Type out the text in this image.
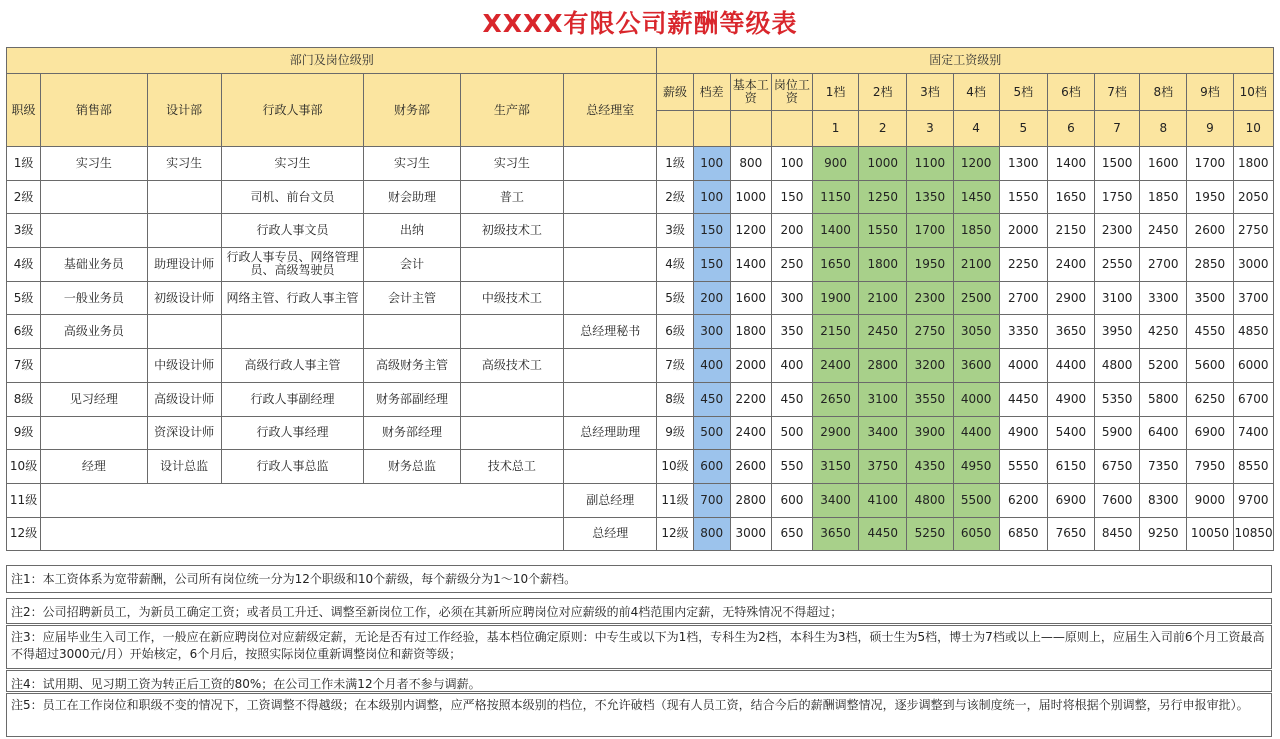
XXXX有限公司薪酬等级表
部门及岗位级别							固定工资级别													
职级	销售部	设计部	行政人事部	财务部	生产部	总经理室	薪级	档差	基本工资	岗位工资	1档	2档	3档	4档	5档	6档	7档	8档	9档	10档
											1	2	3	4	5	6	7	8	9	10
1级	实习生	实习生	实习生	实习生	实习生		1级	100	800	100	900	1000	1100	1200	1300	1400	1500	1600	1700	1800
2级			司机、前台文员	财会助理	普工		2级	100	1000	150	1150	1250	1350	1450	1550	1650	1750	1850	1950	2050
3级			行政人事文员	出纳	初级技术工		3级	150	1200	200	1400	1550	1700	1850	2000	2150	2300	2450	2600	2750
4级	基础业务员	助理设计师	行政人事专员、网络管理员、高级驾驶员	会计			4级	150	1400	250	1650	1800	1950	2100	2250	2400	2550	2700	2850	3000
5级	一般业务员	初级设计师	网络主管、行政人事主管	会计主管	中级技术工		5级	200	1600	300	1900	2100	2300	2500	2700	2900	3100	3300	3500	3700
6级	高级业务员					总经理秘书	6级	300	1800	350	2150	2450	2750	3050	3350	3650	3950	4250	4550	4850
7级		中级设计师	高级行政人事主管	高级财务主管	高级技术工		7级	400	2000	400	2400	2800	3200	3600	4000	4400	4800	5200	5600	6000
8级	见习经理	高级设计师	行政人事副经理	财务部副经理			8级	450	2200	450	2650	3100	3550	4000	4450	4900	5350	5800	6250	6700
9级		资深设计师	行政人事经理	财务部经理		总经理助理	9级	500	2400	500	2900	3400	3900	4400	4900	5400	5900	6400	6900	7400
10级	经理	设计总监	行政人事总监	财务总监	技术总工		10级	600	2600	550	3150	3750	4350	4950	5550	6150	6750	7350	7950	8550
11级						副总经理	11级	700	2800	600	3400	4100	4800	5500	6200	6900	7600	8300	9000	9700
12级						总经理	12级	800	3000	650	3650	4450	5250	6050	6850	7650	8450	9250	10050	10850
注1：本工资体系为宽带薪酬，公司所有岗位统一分为12个职级和10个薪级，每个薪级分为1～10个薪档。
注2：公司招聘新员工，为新员工确定工资；或者员工升迁、调整至新岗位工作，必须在其新所应聘岗位对应薪级的前4档范围内定薪，无特殊情况不得超过；
注3：应届毕业生入司工作，一般应在新应聘岗位对应薪级定薪，无论是否有过工作经验，基本档位确定原则：中专生或以下为1档，专科生为2档，本科生为3档，硕士生为5档，博士为7档或以上——原则上，应届生入司前6个月工资最高不得超过3000元/月）开始核定，6个月后，按照实际岗位重新调整岗位和薪资等级；
注4：试用期、见习期工资为转正后工资的80%；在公司工作未满12个月者不参与调薪。
注5：员工在工作岗位和职级不变的情况下，工资调整不得越级；在本级别内调整，应严格按照本级别的档位，不允许破档（现有人员工资，结合今后的薪酬调整情况，逐步调整到与该制度统一，届时将根据个别调整，另行申报审批）。
